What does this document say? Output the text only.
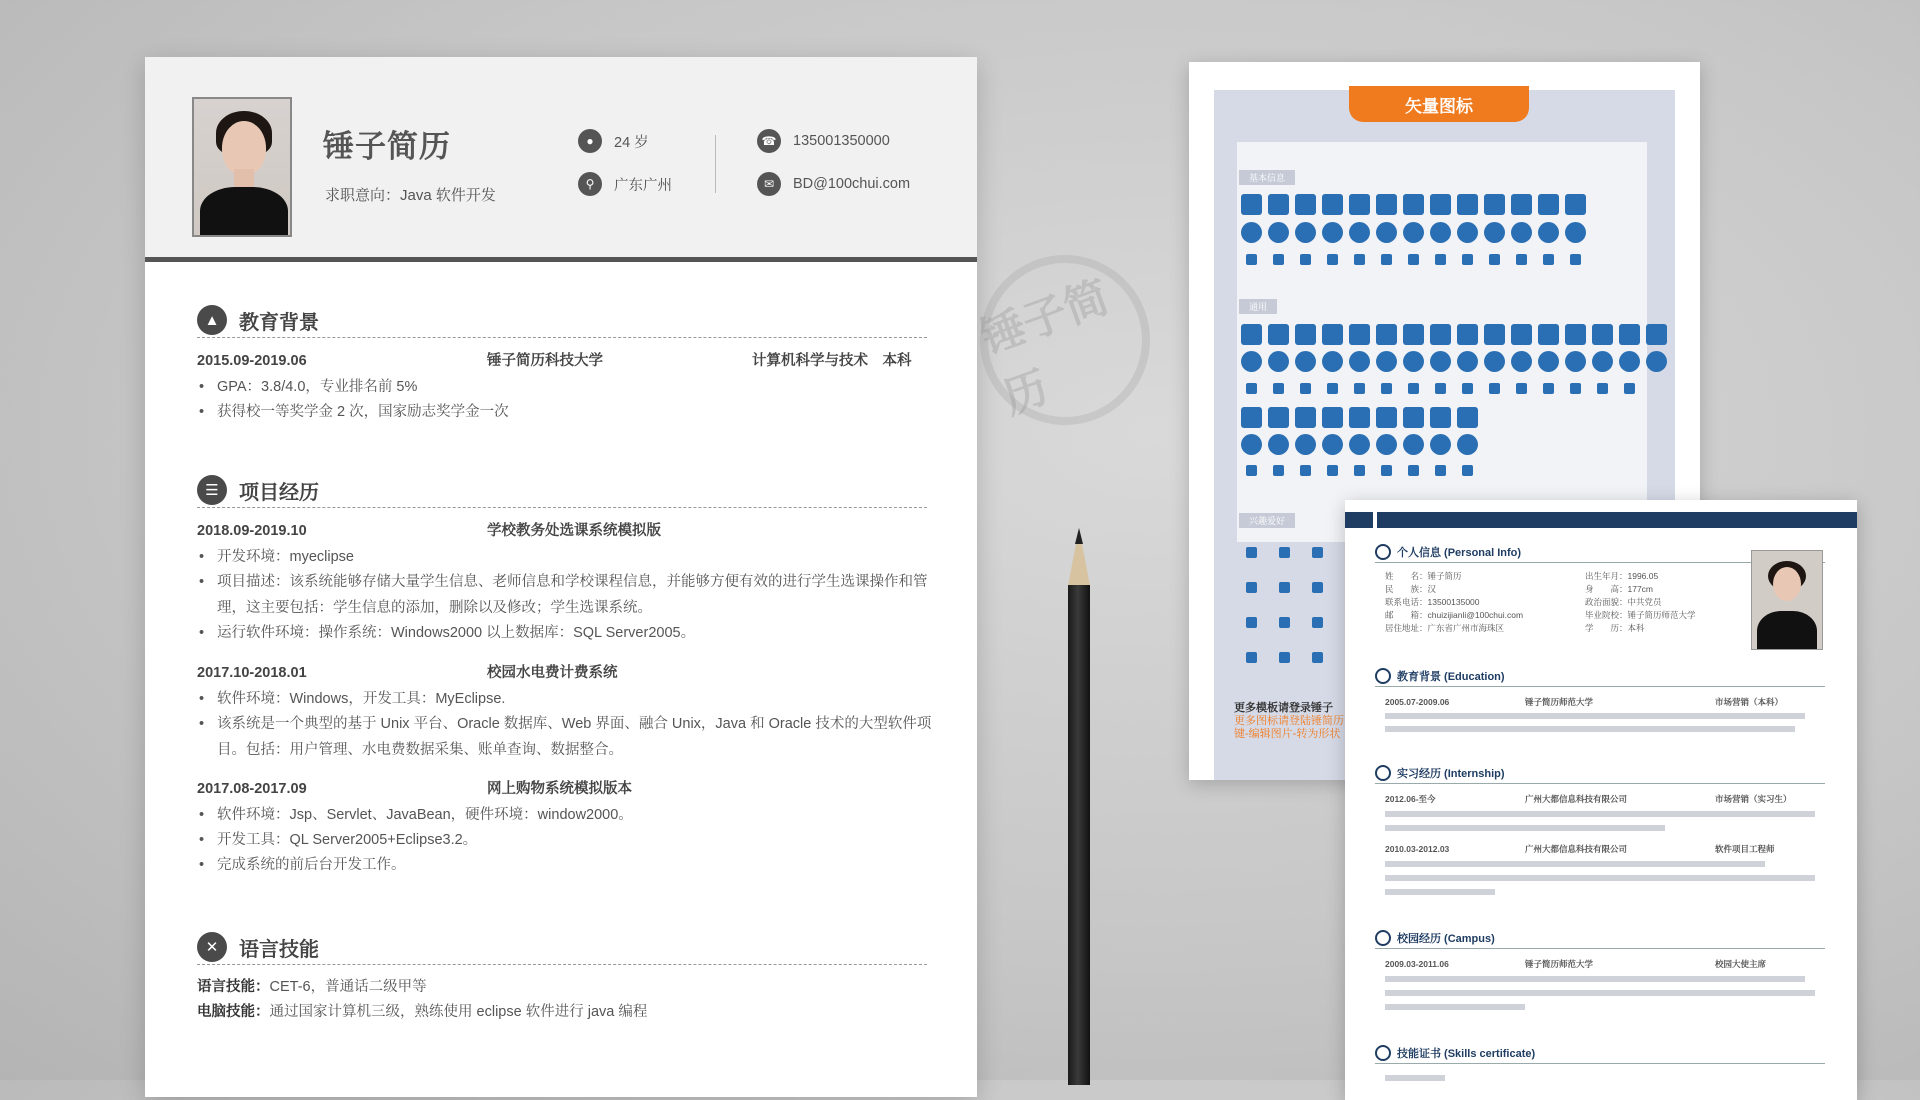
锤子简历
求职意向：Java 软件开发
●	24 岁
⚲	广东广州
☎	135001350000
✉	BD@100chui.com
▲ 教育背景
2015.09-2019.06	锤子简历科技大学	计算机科学与技术　本科
• GPA：3.8/4.0，专业排名前 5%
• 获得校一等奖学金 2 次，国家励志奖学金一次
☰	项目经历
2018.09-2019.10	学校教务处选课系统模拟版
• 开发环境：myeclipse
• 项目描述：该系统能够存储大量学生信息、老师信息和学校课程信息，并能够方便有效的进行学生选课操作和管理，这主要包括：学生信息的添加，删除以及修改；学生选课系统。
• 运行软件环境：操作系统：Windows2000 以上数据库：SQL Server2005。
2017.10-2018.01	校园水电费计费系统
• 软件环境：Windows，开发工具：MyEclipse.
• 该系统是一个典型的基于 Unix 平台、Oracle 数据库、Web 界面、融合 Unix，Java 和 Oracle 技术的大型软件项目。包括：用户管理、水电费数据采集、账单查询、数据整合。
2017.08-2017.09	网上购物系统模拟版本
• 软件环境：Jsp、Servlet、JavaBean，硬件环境：window2000。
• 开发工具：QL Server2005+Eclipse3.2。
• 完成系统的前后台开发工作。
✕	语言技能
语言技能：CET-6，普通话二级甲等
电脑技能：通过国家计算机三级，熟练使用 eclipse 软件进行 java 编程
锤子简历
矢量图标
基本信息
通用
兴趣爱好
更多模板请登录锤子
更多图标请登陆锤简历
键-编辑图片-转为形状
个人信息 (Personal Info)
姓　　名：锤子简历	出生年月：1996.05
民　　族：汉	身　　高：177cm
联系电话：13500135000	政治面貌：中共党员
邮　　箱：chuizijianli@100chui.com	毕业院校：锤子简历师范大学
居住地址：广东省广州市海珠区	学　　历：本科
教育背景 (Education)
2005.07-2009.06	锤子简历师范大学	市场营销（本科）
实习经历 (Internship)
2012.06-至今	广州大都信息科技有限公司	市场营销（实习生）
2010.03-2012.03	广州大都信息科技有限公司	软件项目工程师
校园经历 (Campus)
2009.03-2011.06	锤子简历师范大学	校园大使主席
技能证书 (Skills certificate)
